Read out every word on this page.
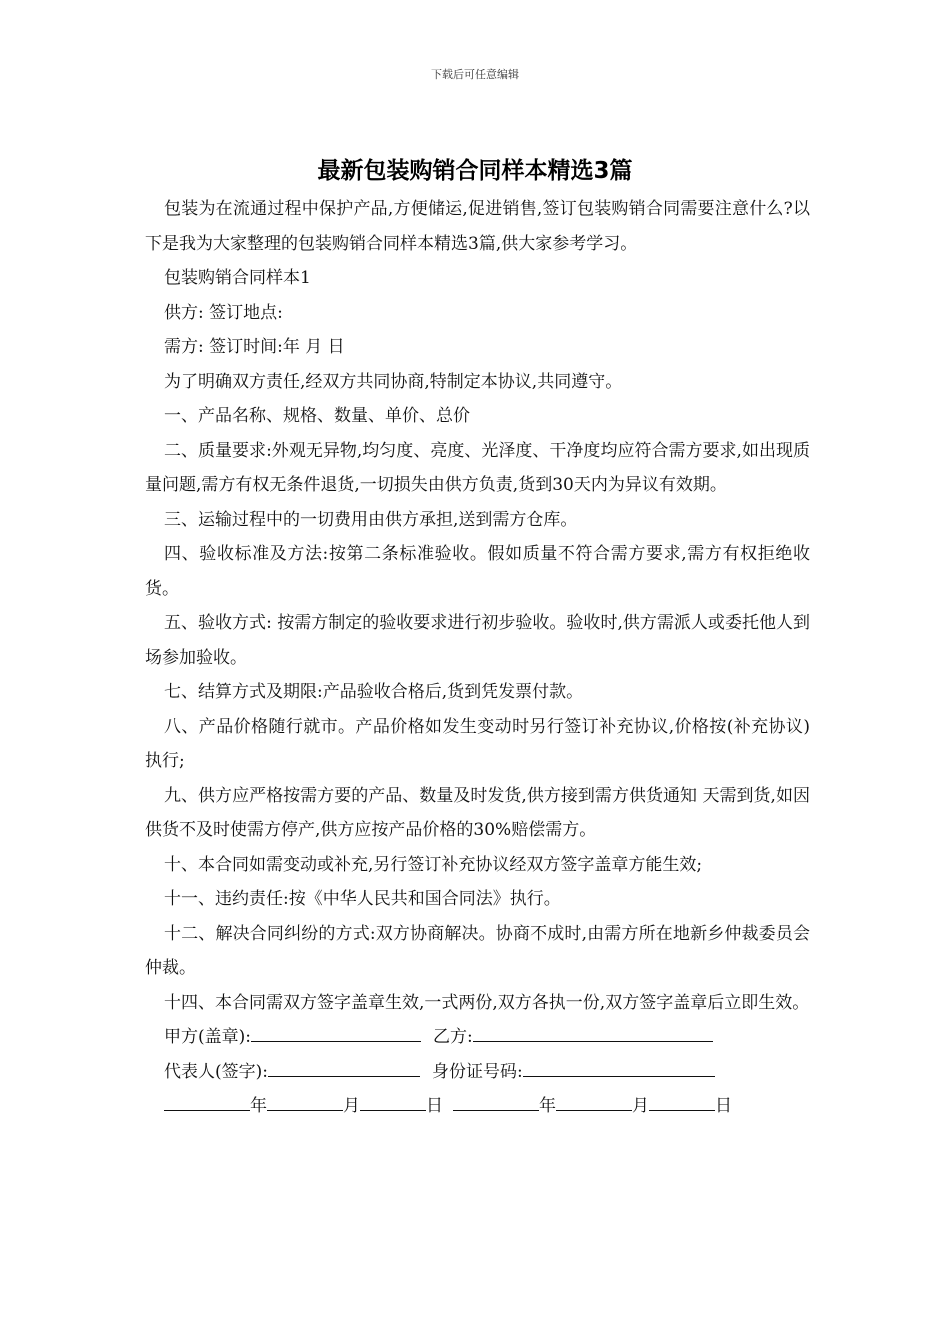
下载后可任意编辑
最新包装购销合同样本精选3篇

包装为在流通过程中保护产品,方便储运,促进销售,签订包装购销合同需要注意什么?以下是我为大家整理的包装购销合同样本精选3篇,供大家参考学习。

包装购销合同样本1

供方: 签订地点:

需方: 签订时间:年 月 日

为了明确双方责任,经双方共同协商,特制定本协议,共同遵守。

一、产品名称、规格、数量、单价、总价

二、质量要求:外观无异物,均匀度、亮度、光泽度、干净度均应符合需方要求,如出现质量问题,需方有权无条件退货,一切损失由供方负责,货到30天内为异议有效期。

三、运输过程中的一切费用由供方承担,送到需方仓库。

四、验收标准及方法:按第二条标准验收。假如质量不符合需方要求,需方有权拒绝收货。

五、验收方式: 按需方制定的验收要求进行初步验收。验收时,供方需派人或委托他人到场参加验收。

七、结算方式及期限:产品验收合格后,货到凭发票付款。

八、产品价格随行就市。产品价格如发生变动时另行签订补充协议,价格按(补充协议)执行;

九、供方应严格按需方要的产品、数量及时发货,供方接到需方供货通知 天需到货,如因供货不及时使需方停产,供方应按产品价格的30%赔偿需方。

十、本合同如需变动或补充,另行签订补充协议经双方签字盖章方能生效;

十一、违约责任:按《中华人民共和国合同法》执行。

十二、解决合同纠纷的方式:双方协商解决。协商不成时,由需方所在地新乡仲裁委员会仲裁。

十四、本合同需双方签字盖章生效,一式两份,双方各执一份,双方签字盖章后立即生效。

甲方(盖章):	乙方:
代表人(签字):	身份证号码:
年	月	日	年	月	日
